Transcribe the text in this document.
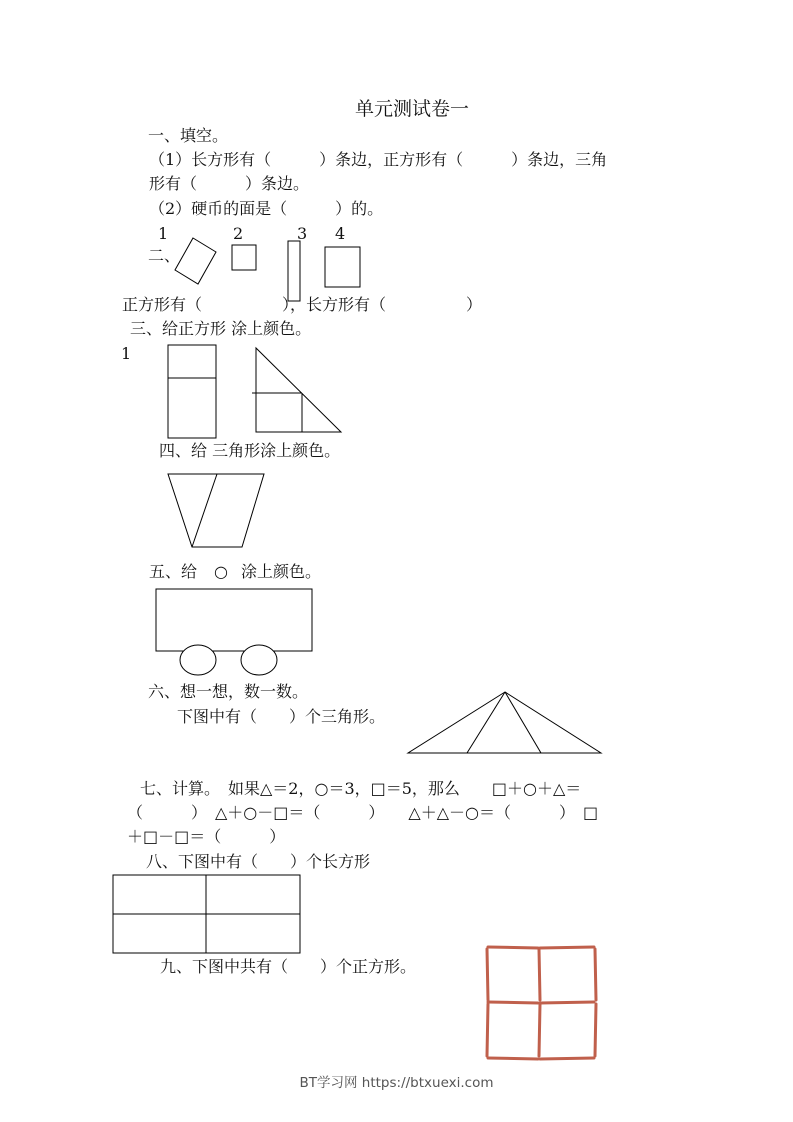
单元测试卷一
一、填空。
（1）长方形有（　　　）条边，正方形有（　　　）条边，三角
形有（　　　）条边。
（2）硬币的面是（　　　）的。
1	2	3 4
二、
正方形有（　　　　　），长方形有（　　　　　）
三、给正方形 涂上颜色。
1
四、给 三角形涂上颜色。
五、给 ○ 涂上颜色。
六、想一想，数一数。
下图中有（　　）个三角形。
七、计算。　如果△＝2，○＝3，□＝5，那么　　□＋○＋△＝
（　　　）　△＋○－□＝（　　　）　　△＋△－○＝（　　　）　□
＋□－□＝（　　　）
八、下图中有（　　）个长方形
九、下图中共有（　　）个正方形。
BT学习网 https://btxuexi.com
